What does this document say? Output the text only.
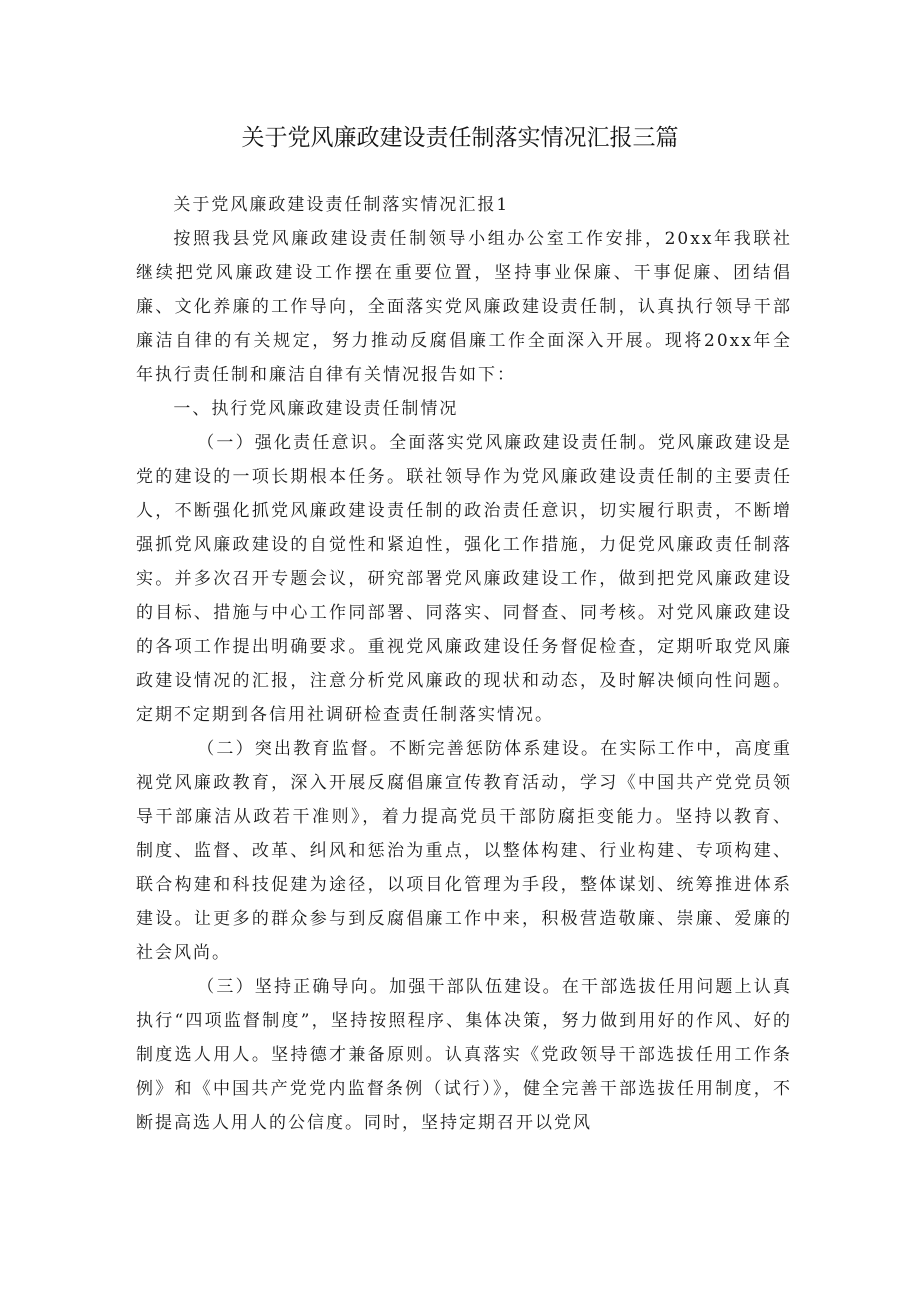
关于党风廉政建设责任制落实情况汇报三篇

关于党风廉政建设责任制落实情况汇报1

按照我县党风廉政建设责任制领导小组办公室工作安排，20xx年我联社继续把党风廉政建设工作摆在重要位置，坚持事业保廉、干事促廉、团结倡廉、文化养廉的工作导向，全面落实党风廉政建设责任制，认真执行领导干部廉洁自律的有关规定，努力推动反腐倡廉工作全面深入开展。现将20xx年全年执行责任制和廉洁自律有关情况报告如下：

一、执行党风廉政建设责任制情况

（一）强化责任意识。全面落实党风廉政建设责任制。党风廉政建设是党的建设的一项长期根本任务。联社领导作为党风廉政建设责任制的主要责任人，不断强化抓党风廉政建设责任制的政治责任意识，切实履行职责，不断增强抓党风廉政建设的自觉性和紧迫性，强化工作措施，力促党风廉政责任制落实。并多次召开专题会议，研究部署党风廉政建设工作，做到把党风廉政建设的目标、措施与中心工作同部署、同落实、同督查、同考核。对党风廉政建设的各项工作提出明确要求。重视党风廉政建设任务督促检查，定期听取党风廉政建设情况的汇报，注意分析党风廉政的现状和动态，及时解决倾向性问题。定期不定期到各信用社调研检查责任制落实情况。

（二）突出教育监督。不断完善惩防体系建设。在实际工作中，高度重视党风廉政教育，深入开展反腐倡廉宣传教育活动，学习《中国共产党党员领导干部廉洁从政若干准则》，着力提高党员干部防腐拒变能力。坚持以教育、制度、监督、改革、纠风和惩治为重点，以整体构建、行业构建、专项构建、联合构建和科技促建为途径，以项目化管理为手段，整体谋划、统筹推进体系建设。让更多的群众参与到反腐倡廉工作中来，积极营造敬廉、崇廉、爱廉的社会风尚。

（三）坚持正确导向。加强干部队伍建设。在干部选拔任用问题上认真执行“四项监督制度”，坚持按照程序、集体决策，努力做到用好的作风、好的制度选人用人。坚持德才兼备原则。认真落实《党政领导干部选拔任用工作条例》和《中国共产党党内监督条例（试行）》，健全完善干部选拔任用制度，不断提高选人用人的公信度。同时，坚持定期召开以党风
